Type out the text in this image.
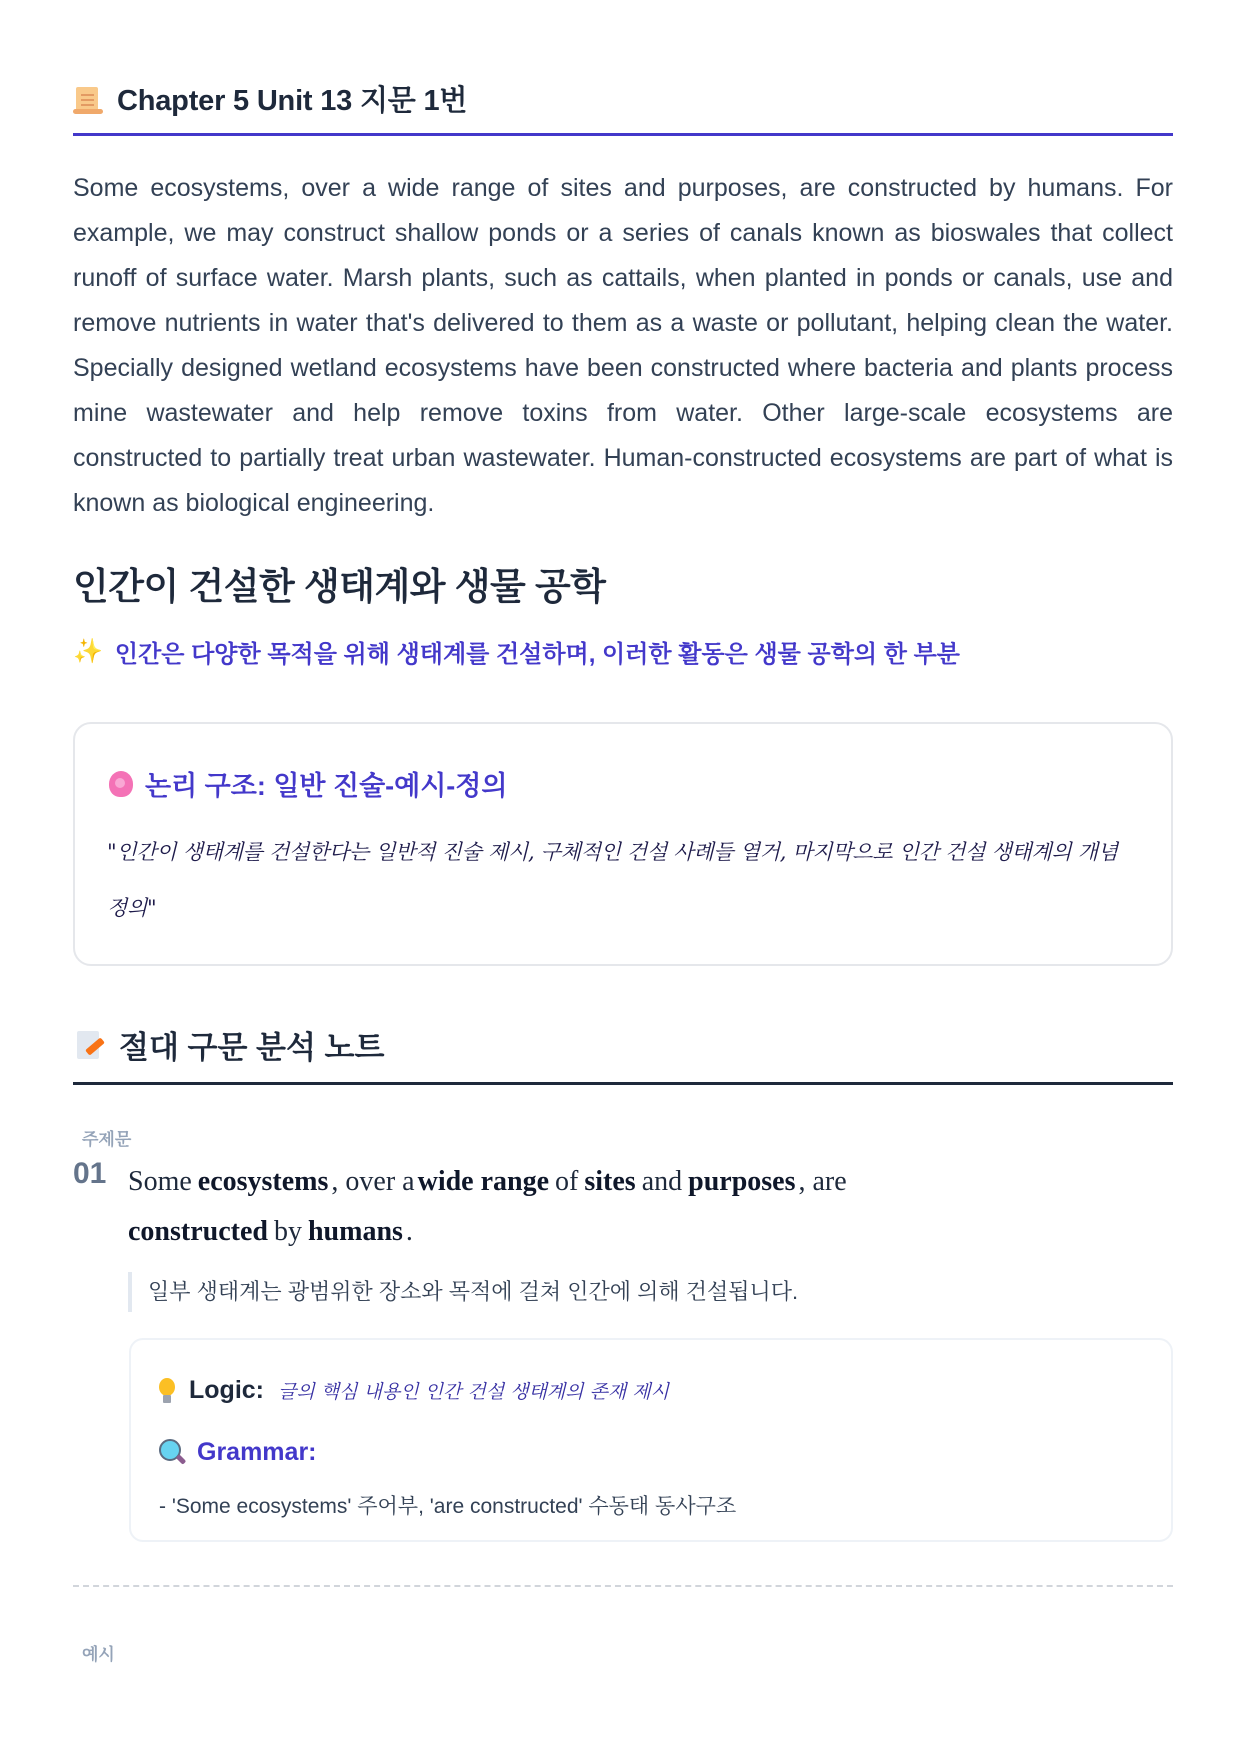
Chapter 5 Unit 13 지문 1번

Some ecosystems, over a wide range of sites and purposes, are constructed by humans. For example, we may construct shallow ponds or a series of canals known as bioswales that collect runoff of surface water. Marsh plants, such as cattails, when planted in ponds or canals, use and remove nutrients in water that's delivered to them as a waste or pollutant, helping clean the water. Specially designed wetland ecosystems have been constructed where bacteria and plants process mine wastewater and help remove toxins from water. Other large-scale ecosystems are constructed to partially treat urban wastewater. Human-constructed ecosystems are part of what is known as biological engineering.

인간이 건설한 생태계와 생물 공학
✨ 인간은 다양한 목적을 위해 생태계를 건설하며, 이러한 활동은 생물 공학의 한 부분
논리 구조: 일반 진술-예시-정의
"인간이 생태계를 건설한다는 일반적 진술 제시, 구체적인 건설 사례들 열거, 마지막으로 인간 건설 생태계의 개념 정의"
절대 구문 분석 노트
주제문
01 Some ecosystems , over a wide range of sites and purposes , are
constructed by humans .
일부 생태계는 광범위한 장소와 목적에 걸쳐 인간에 의해 건설됩니다.
Logic: 글의 핵심 내용인 인간 건설 생태계의 존재 제시
Grammar:
- 'Some ecosystems' 주어부, 'are constructed' 수동태 동사구조
예시
